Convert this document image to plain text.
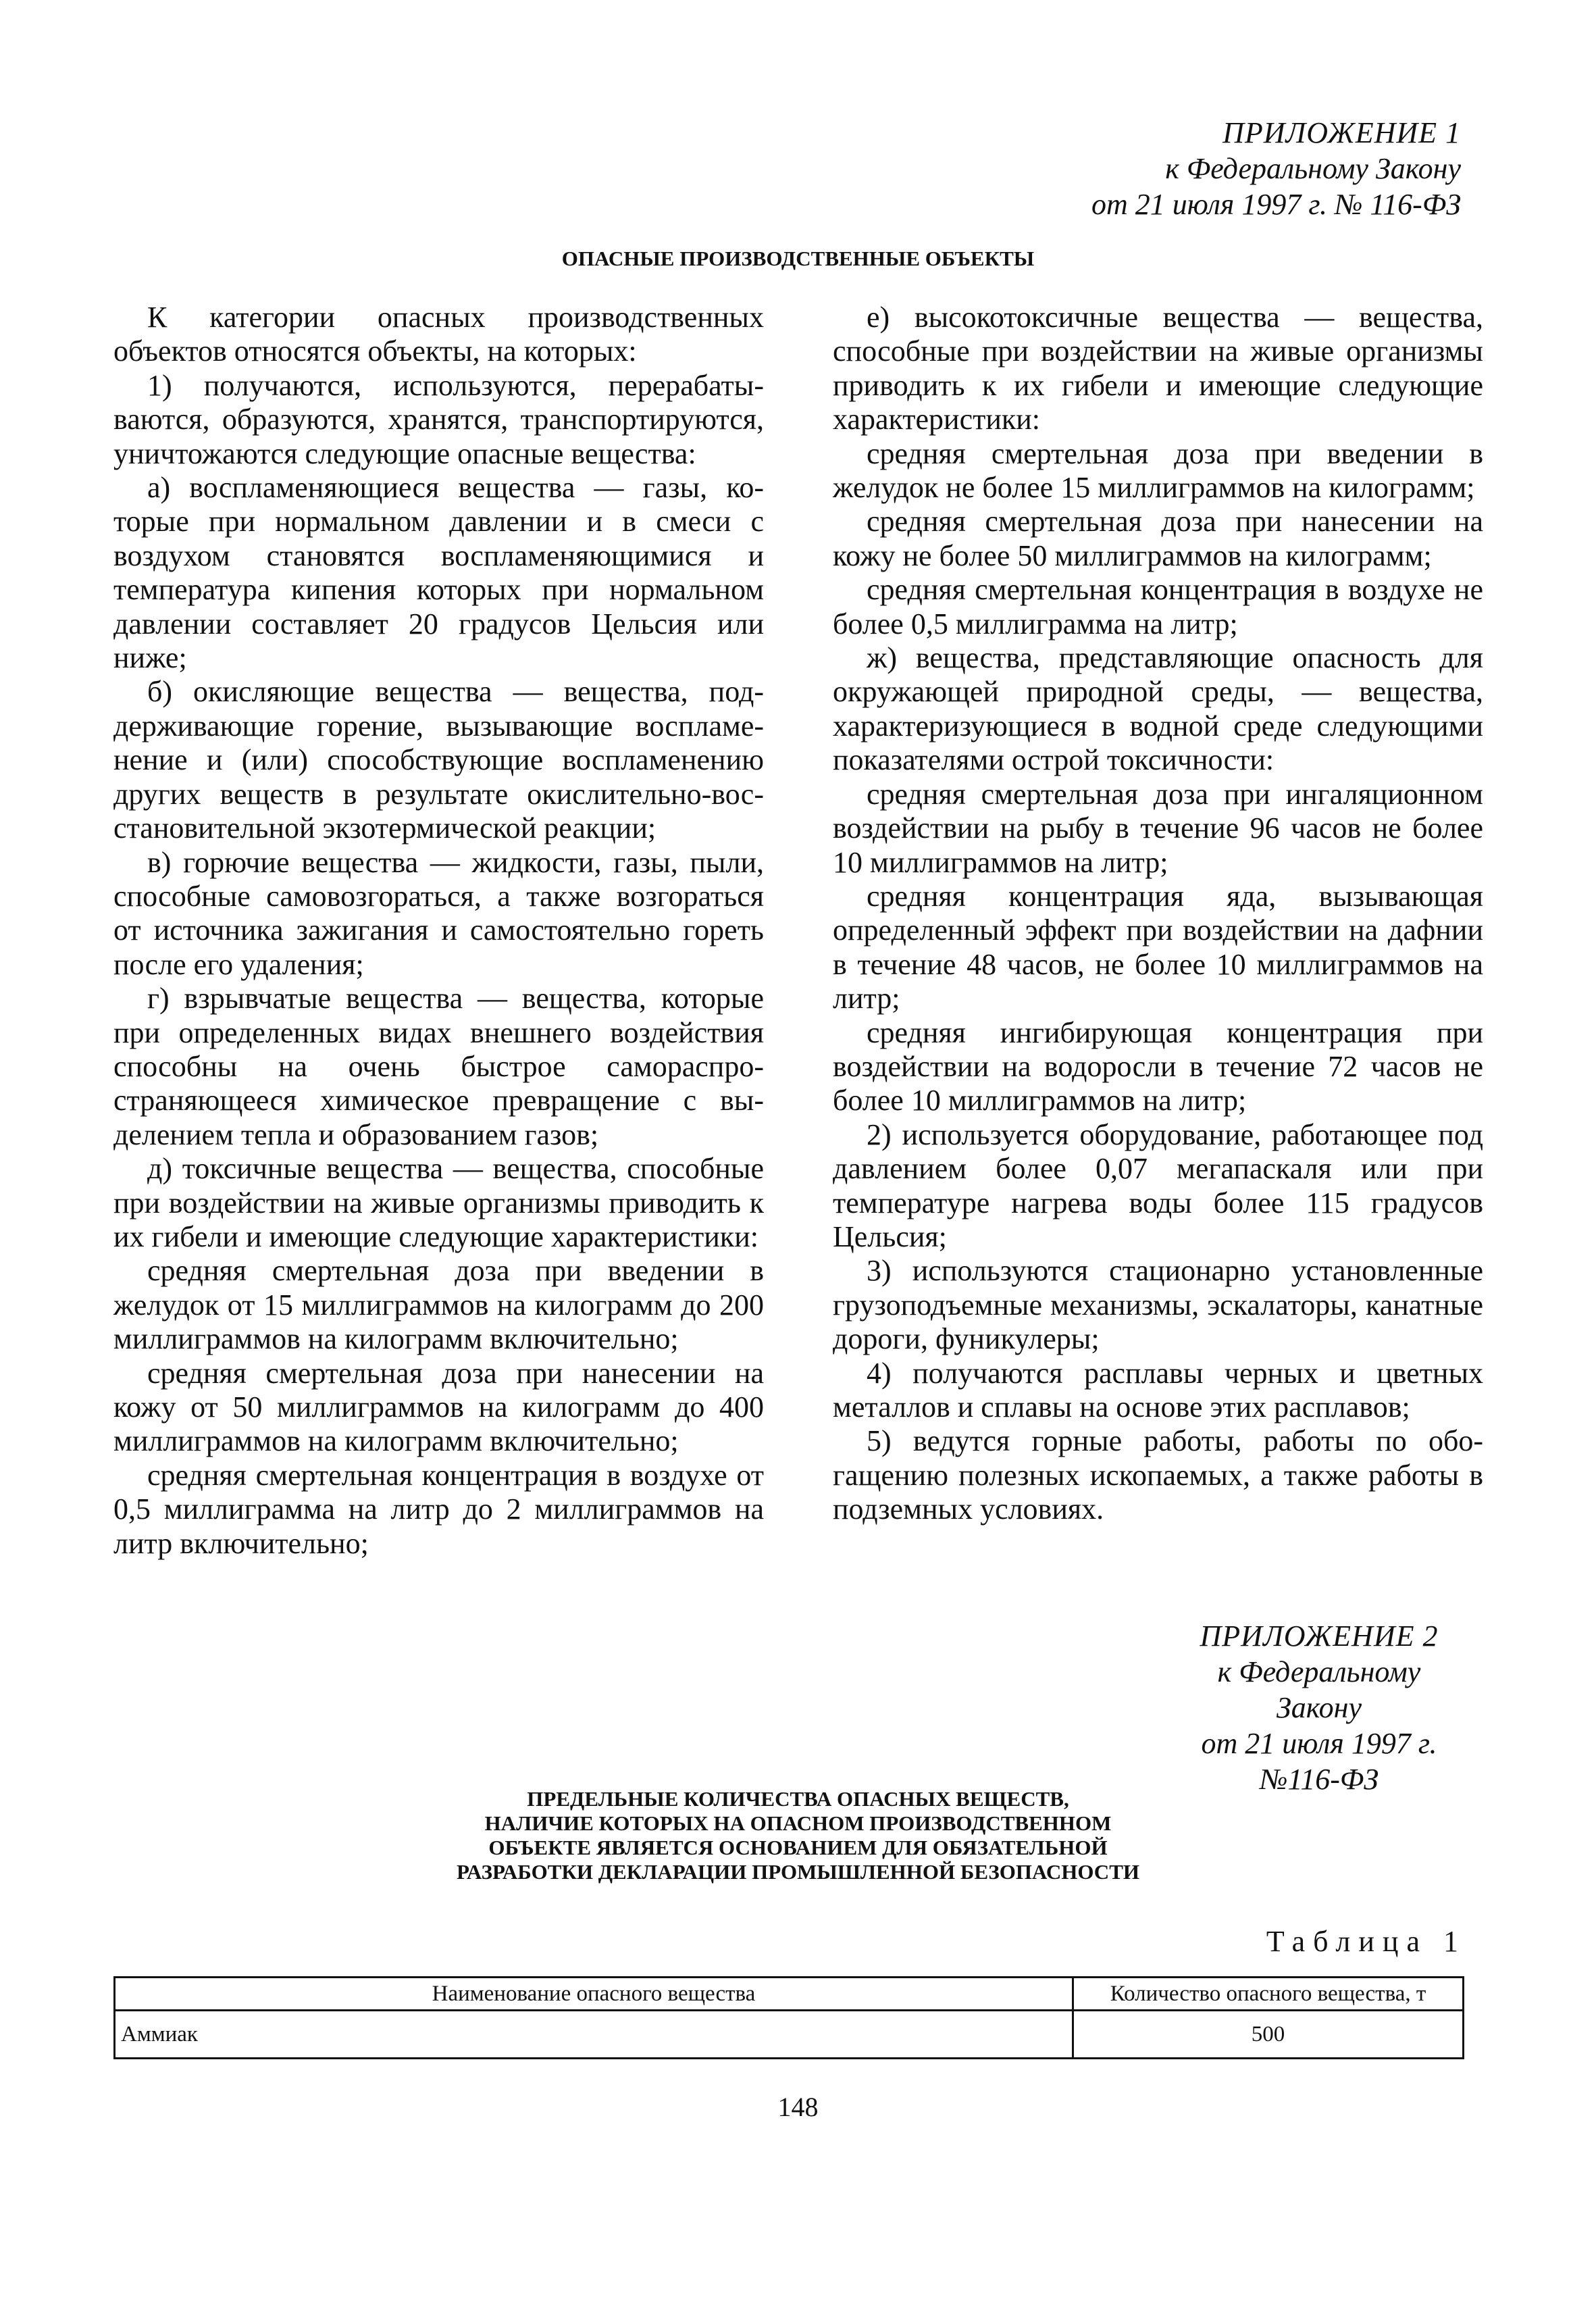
ПРИЛОЖЕНИЕ 1
к Федеральному Закону
от 21 июля 1997 г. № 116-ФЗ
ОПАСНЫЕ ПРОИЗВОДСТВЕННЫЕ ОБЪЕКТЫ

К категории опасных производственных объектов относятся объекты, на которых:

1) получаются, используются, перерабатываются, образуются, хранятся, транспортируются, уничтожаются следующие опасные вещества:

а) воспламеняющиеся вещества — газы, которые при нормальном давлении и в смеси с воздухом становятся воспламеняющимися и температура кипения которых при нормальном давлении составляет 20 градусов Цельсия или ниже;

б) окисляющие вещества — вещества, поддерживающие горение, вызывающие воспламенение и (или) способствующие воспламенению других веществ в результате окислительно-восстановительной экзотермической реакции;

в) горючие вещества — жидкости, газы, пыли, способные самовозгораться, а также возгораться от источника зажигания и самостоятельно гореть после его удаления;

г) взрывчатые вещества — вещества, которые при определенных видах внешнего воздействия способны на очень быстрое самораспространяющееся химическое превращение с выделением тепла и образованием газов;

д) токсичные вещества — вещества, способные при воздействии на живые организмы приводить к их гибели и имеющие следующие характеристики:

средняя смертельная доза при введении в желудок от 15 миллиграммов на килограмм до 200 миллиграммов на килограмм включительно;

средняя смертельная доза при нанесении на кожу от 50 миллиграммов на килограмм до 400 миллиграммов на килограмм включительно;

средняя смертельная концентрация в воздухе от 0,5 миллиграмма на литр до 2 миллиграммов на литр включительно;

е) высокотоксичные вещества — вещества, способные при воздействии на живые организмы приводить к их гибели и имеющие следующие характеристики:

средняя смертельная доза при введении в желудок не более 15 миллиграммов на килограмм;

средняя смертельная доза при нанесении на кожу не более 50 миллиграммов на килограмм;

средняя смертельная концентрация в воздухе не более 0,5 миллиграмма на литр;

ж) вещества, представляющие опасность для окружающей природной среды, — вещества, характеризующиеся в водной среде следующими показателями острой токсичности:

средняя смертельная доза при ингаляционном воздействии на рыбу в течение 96 часов не более 10 миллиграммов на литр;

средняя концентрация яда, вызывающая определенный эффект при воздействии на дафнии в течение 48 часов, не более 10 миллиграммов на литр;

средняя ингибирующая концентрация при воздействии на водоросли в течение 72 часов не более 10 миллиграммов на литр;

2) используется оборудование, работающее под давлением более 0,07 мегапаскаля или при температуре нагрева воды более 115 градусов Цельсия;

3) используются стационарно установленные грузоподъемные механизмы, эскалаторы, канатные дороги, фуникулеры;

4) получаются расплавы черных и цветных металлов и сплавы на основе этих расплавов;

5) ведутся горные работы, работы по обогащению полезных ископаемых, а также работы в подземных условиях.

ПРИЛОЖЕНИЕ 2
к Федеральному Закону
от 21 июля 1997 г.
№116-ФЗ
ПРЕДЕЛЬНЫЕ КОЛИЧЕСТВА ОПАСНЫХ ВЕЩЕСТВ,
НАЛИЧИЕ КОТОРЫХ НА ОПАСНОМ ПРОИЗВОДСТВЕННОМ
ОБЪЕКТЕ ЯВЛЯЕТСЯ ОСНОВАНИЕМ ДЛЯ ОБЯЗАТЕЛЬНОЙ
РАЗРАБОТКИ ДЕКЛАРАЦИИ ПРОМЫШЛЕННОЙ БЕЗОПАСНОСТИ
Таблица 1
Наименование опасного вещества	Количество опасного вещества, т
Аммиак	500
148
